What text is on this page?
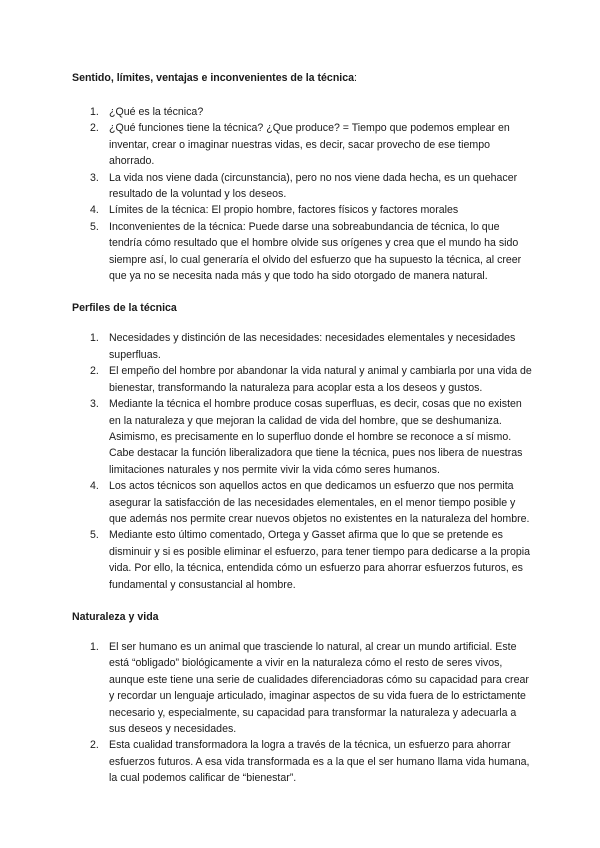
Sentido, límites, ventajas e inconvenientes de la técnica:

1. ¿Qué es la técnica?
2. ¿Qué funciones tiene la técnica? ¿Que produce? = Tiempo que podemos emplear en inventar, crear o imaginar nuestras vidas, es decir, sacar provecho de ese tiempo ahorrado.
3. La vida nos viene dada (circunstancia), pero no nos viene dada hecha, es un quehacer resultado de la voluntad y los deseos.
4. Límites de la técnica: El propio hombre, factores físicos y factores morales
5. Inconvenientes de la técnica: Puede darse una sobreabundancia de técnica, lo que tendría cómo resultado que el hombre olvide sus orígenes y crea que el mundo ha sido siempre así, lo cual generaría el olvido del esfuerzo que ha supuesto la técnica, al creer que ya no se necesita nada más y que todo ha sido otorgado de manera natural.

Perfiles de la técnica

1. Necesidades y distinción de las necesidades: necesidades elementales y necesidades superfluas.
2. El empeño del hombre por abandonar la vida natural y animal y cambiarla por una vida de bienestar, transformando la naturaleza para acoplar esta a los deseos y gustos.
3. Mediante la técnica el hombre produce cosas superfluas, es decir, cosas que no existen en la naturaleza y que mejoran la calidad de vida del hombre, que se deshumaniza. Asimismo, es precisamente en lo superfluo donde el hombre se reconoce a sí mismo. Cabe destacar la función liberalizadora que tiene la técnica, pues nos libera de nuestras limitaciones naturales y nos permite vivir la vida cómo seres humanos.
4. Los actos técnicos son aquellos actos en que dedicamos un esfuerzo que nos permita asegurar la satisfacción de las necesidades elementales, en el menor tiempo posible y que además nos permite crear nuevos objetos no existentes en la naturaleza del hombre.
5. Mediante esto último comentado, Ortega y Gasset afirma que lo que se pretende es disminuir y si es posible eliminar el esfuerzo, para tener tiempo para dedicarse a la propia vida. Por ello, la técnica, entendida cómo un esfuerzo para ahorrar esfuerzos futuros, es fundamental y consustancial al hombre.

Naturaleza y vida

1. El ser humano es un animal que trasciende lo natural, al crear un mundo artificial. Este está “obligado” biológicamente a vivir en la naturaleza cómo el resto de seres vivos, aunque este tiene una serie de cualidades diferenciadoras cómo su capacidad para crear y recordar un lenguaje articulado, imaginar aspectos de su vida fuera de lo estrictamente necesario y, especialmente, su capacidad para transformar la naturaleza y adecuarla a sus deseos y necesidades.
2. Esta cualidad transformadora la logra a través de la técnica, un esfuerzo para ahorrar esfuerzos futuros. A esa vida transformada es a la que el ser humano llama vida humana, la cual podemos calificar de “bienestar”.
